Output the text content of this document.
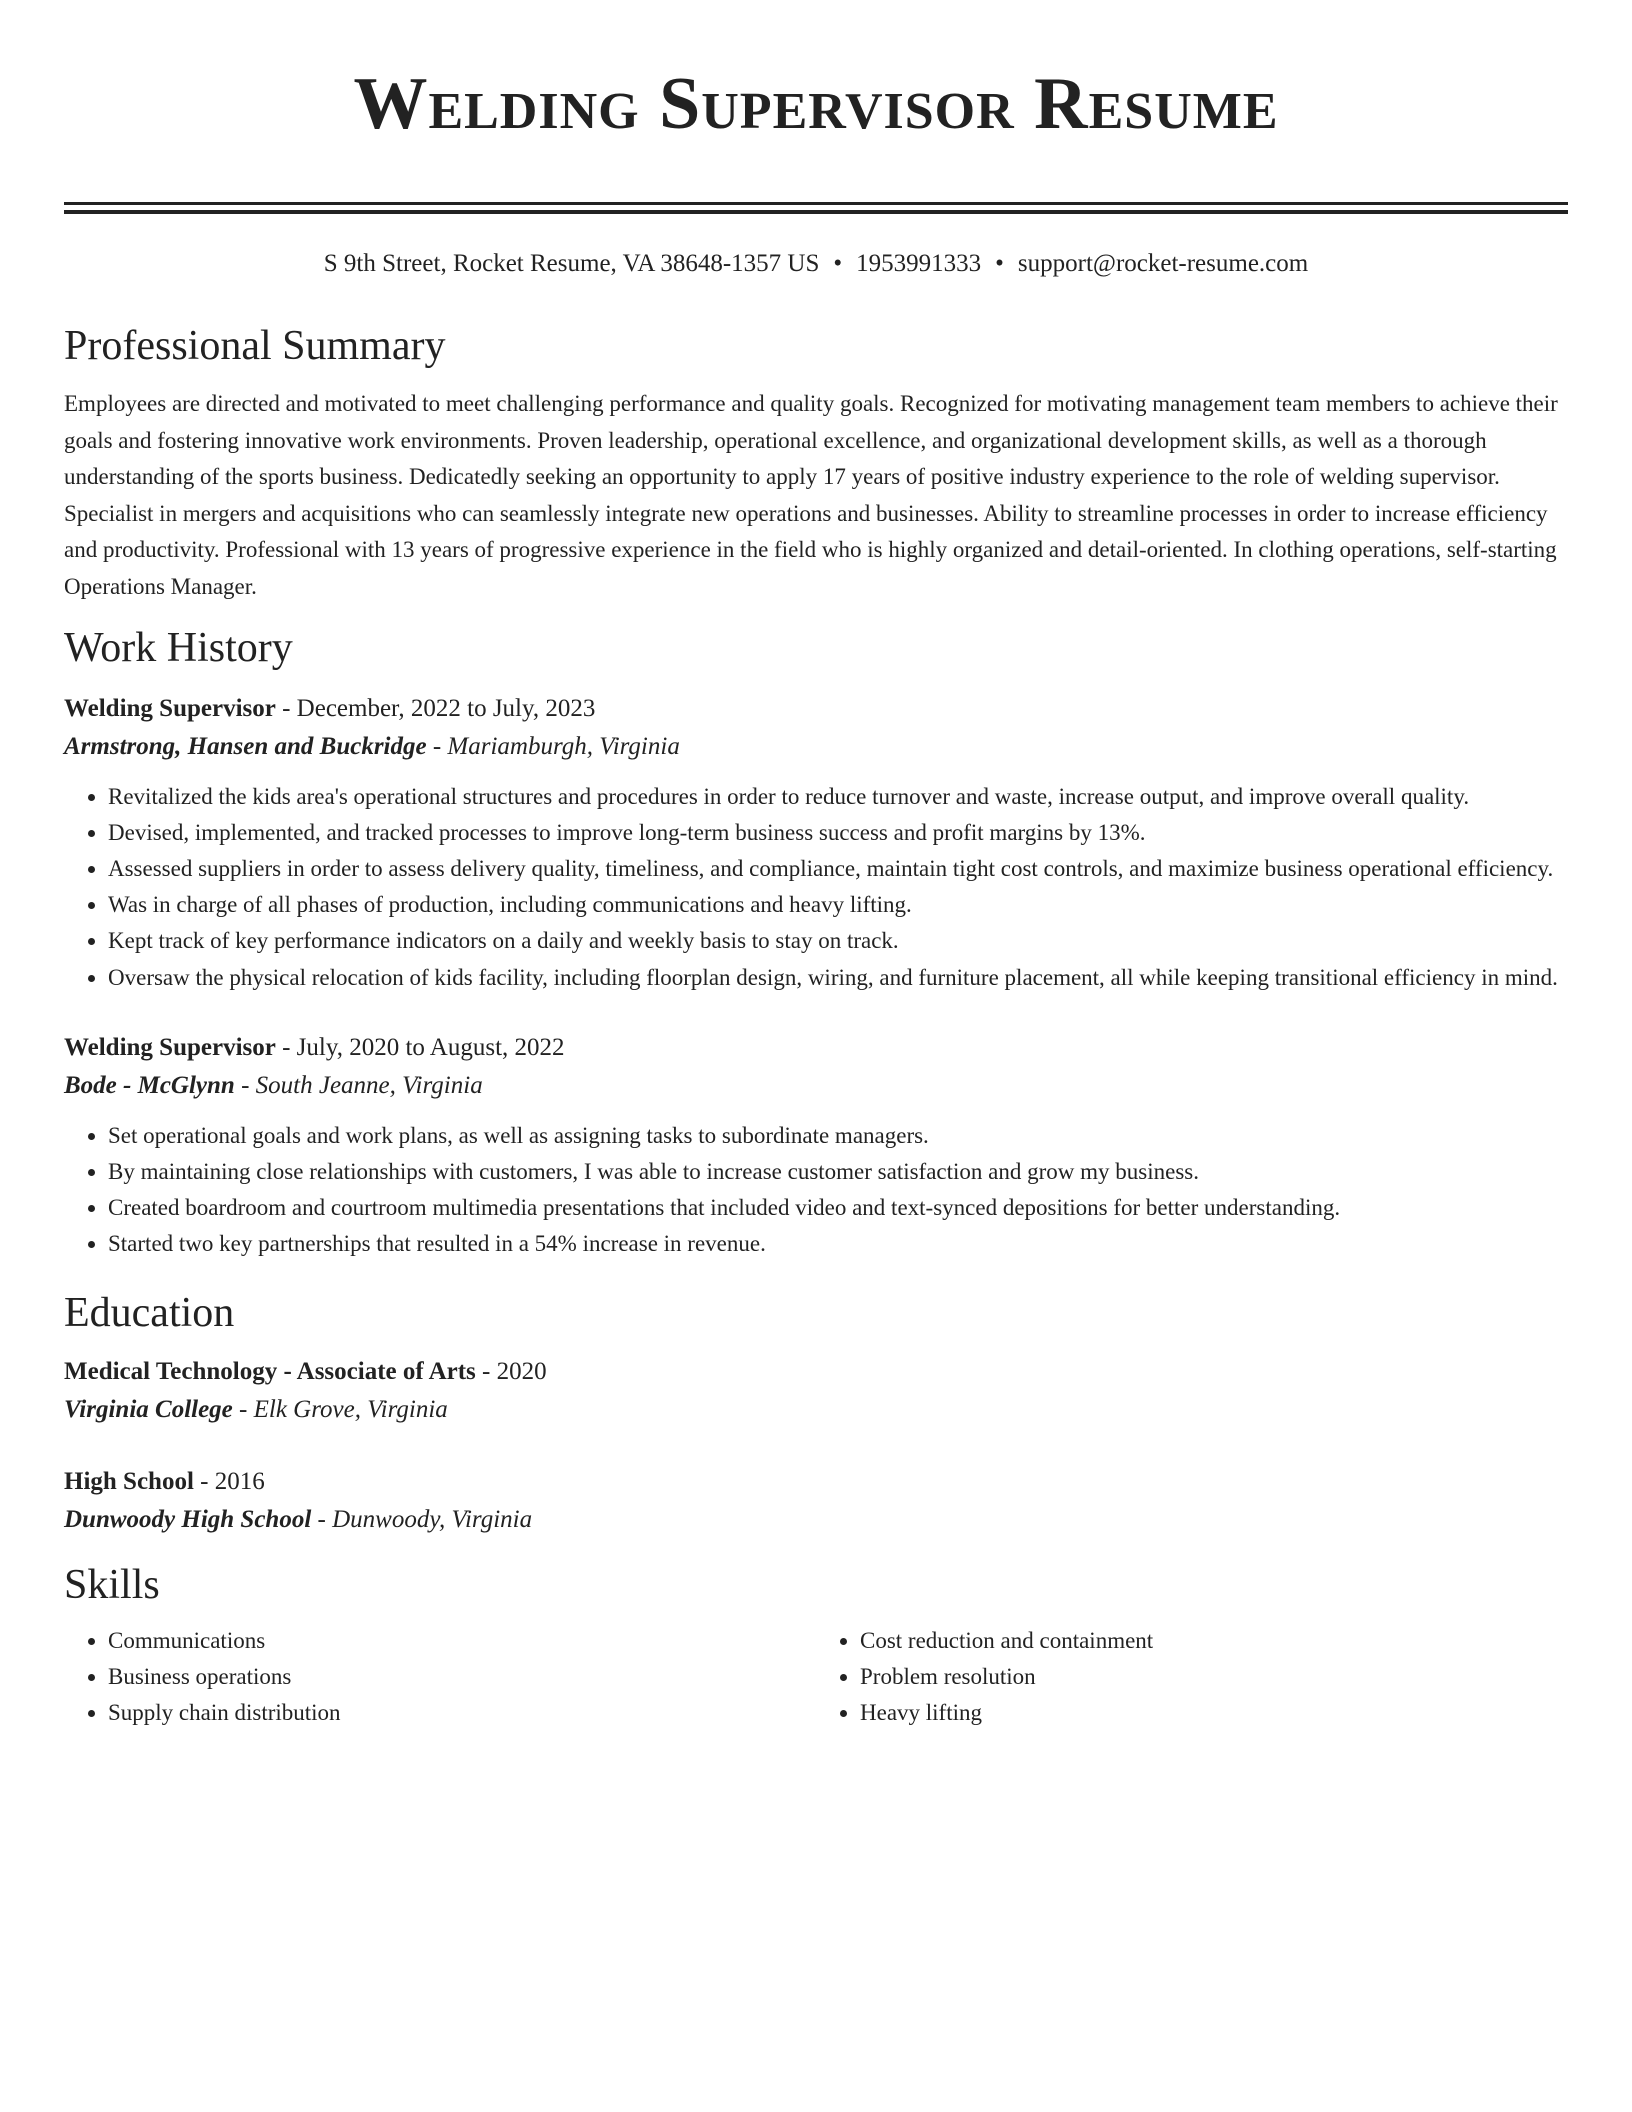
Welding Supervisor Resume
S 9th Street, Rocket Resume, VA 38648-1357 US • 1953991333 • support@rocket-resume.com
Professional Summary
Employees are directed and motivated to meet challenging performance and quality goals. Recognized for motivating management team members to achieve their goals and fostering innovative work environments. Proven leadership, operational excellence, and organizational development skills, as well as a thorough understanding of the sports business. Dedicatedly seeking an opportunity to apply 17 years of positive industry experience to the role of welding supervisor. Specialist in mergers and acquisitions who can seamlessly integrate new operations and businesses. Ability to streamline processes in order to increase efficiency and productivity. Professional with 13 years of progressive experience in the field who is highly organized and detail-oriented. In clothing operations, self-starting Operations Manager.
Work History
Welding Supervisor - December, 2022 to July, 2023
Armstrong, Hansen and Buckridge - Mariamburgh, Virginia
• Revitalized the kids area's operational structures and procedures in order to reduce turnover and waste, increase output, and improve overall quality.
• Devised, implemented, and tracked processes to improve long-term business success and profit margins by 13%.
• Assessed suppliers in order to assess delivery quality, timeliness, and compliance, maintain tight cost controls, and maximize business operational efficiency.
• Was in charge of all phases of production, including communications and heavy lifting.
• Kept track of key performance indicators on a daily and weekly basis to stay on track.
• Oversaw the physical relocation of kids facility, including floorplan design, wiring, and furniture placement, all while keeping transitional efficiency in mind.
Welding Supervisor - July, 2020 to August, 2022
Bode - McGlynn - South Jeanne, Virginia
• Set operational goals and work plans, as well as assigning tasks to subordinate managers.
• By maintaining close relationships with customers, I was able to increase customer satisfaction and grow my business.
• Created boardroom and courtroom multimedia presentations that included video and text-synced depositions for better understanding.
• Started two key partnerships that resulted in a 54% increase in revenue.
Education
Medical Technology - Associate of Arts - 2020
Virginia College - Elk Grove, Virginia
High School - 2016
Dunwoody High School - Dunwoody, Virginia
Skills
• Communications
• Business operations
• Supply chain distribution
• Cost reduction and containment
• Problem resolution
• Heavy lifting
